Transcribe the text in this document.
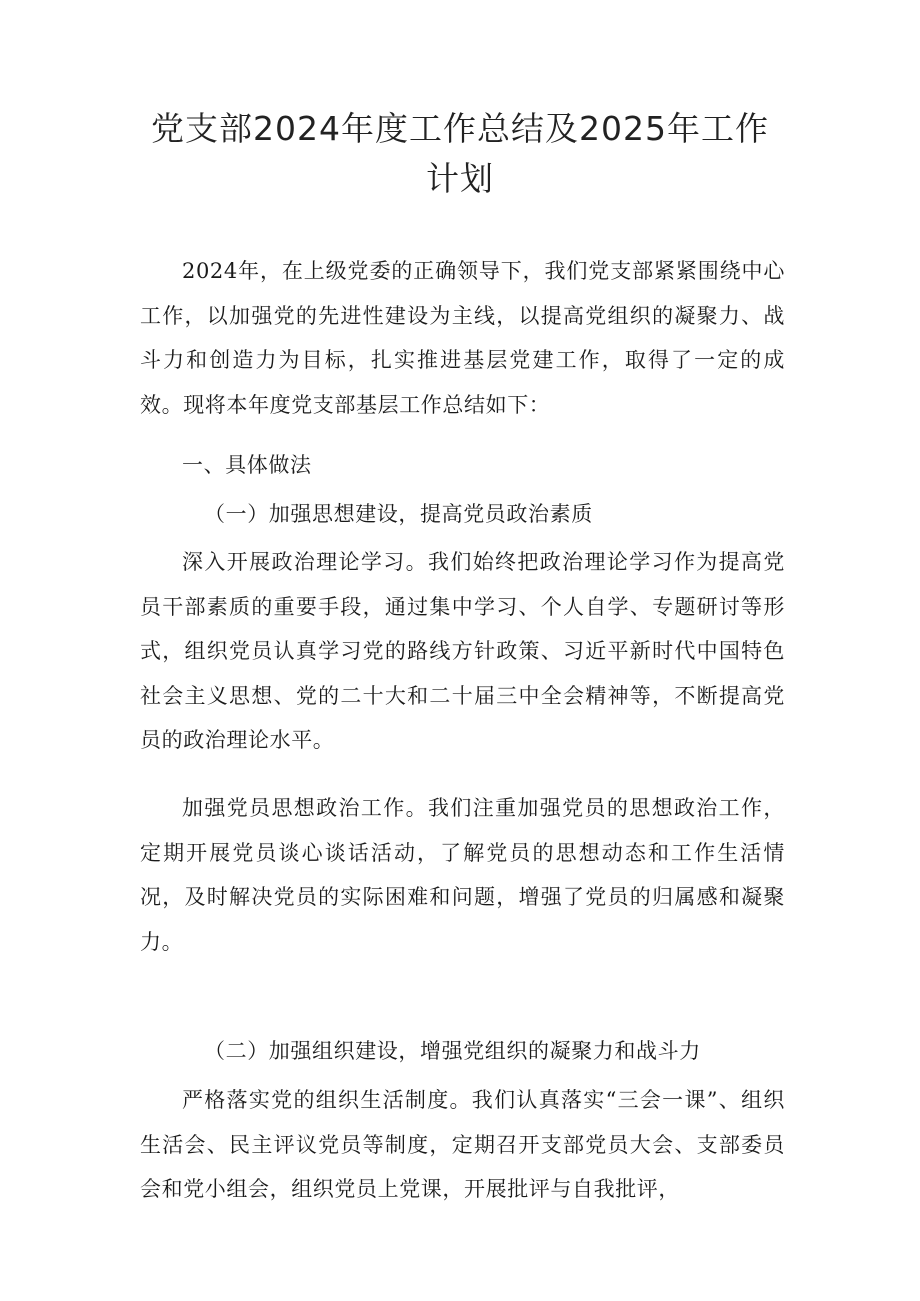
党支部2024年度工作总结及2025年工作计划

2024年，在上级党委的正确领导下，我们党支部紧紧围绕中心工作，以加强党的先进性建设为主线，以提高党组织的凝聚力、战斗力和创造力为目标，扎实推进基层党建工作，取得了一定的成效。现将本年度党支部基层工作总结如下：

一、具体做法

（一）加强思想建设，提高党员政治素质

深入开展政治理论学习。我们始终把政治理论学习作为提高党员干部素质的重要手段，通过集中学习、个人自学、专题研讨等形式，组织党员认真学习党的路线方针政策、习近平新时代中国特色社会主义思想、党的二十大和二十届三中全会精神等，不断提高党员的政治理论水平。

加强党员思想政治工作。我们注重加强党员的思想政治工作，定期开展党员谈心谈话活动，了解党员的思想动态和工作生活情况，及时解决党员的实际困难和问题，增强了党员的归属感和凝聚力。

（二）加强组织建设，增强党组织的凝聚力和战斗力

严格落实党的组织生活制度。我们认真落实“三会一课”、组织生活会、民主评议党员等制度，定期召开支部党员大会、支部委员会和党小组会，组织党员上党课，开展批评与自我批评，
